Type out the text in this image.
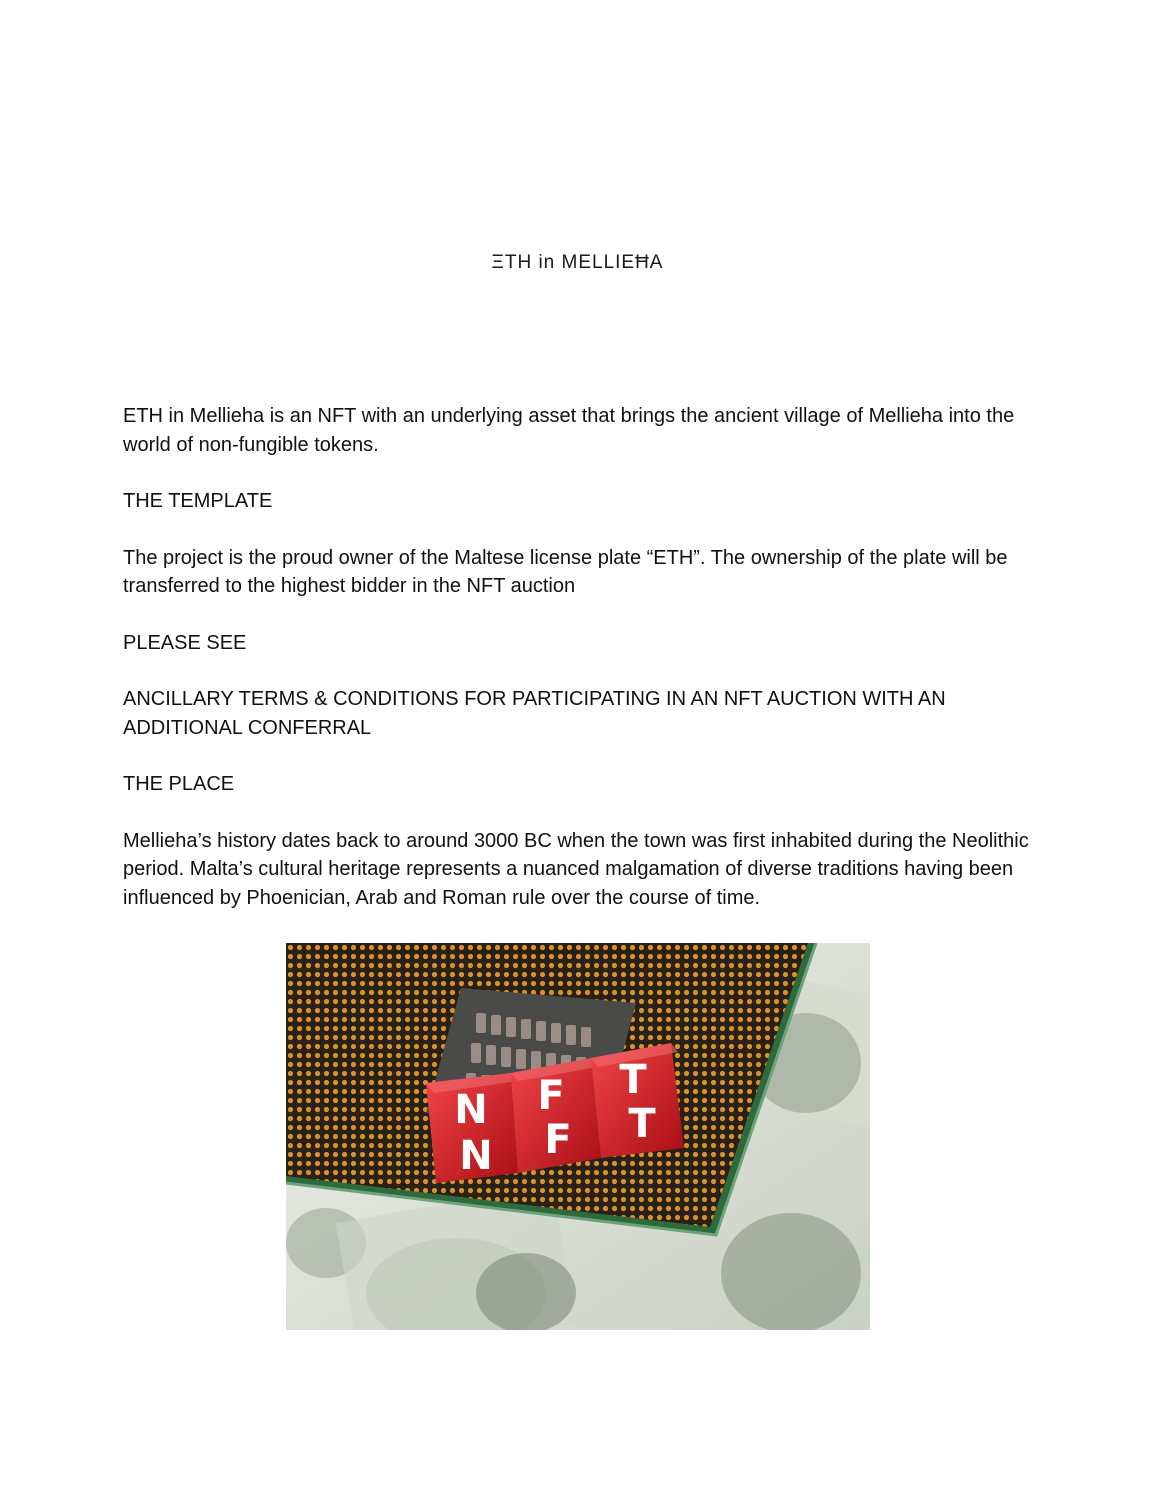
ΞTH in MELLIEĦA

ETH in Mellieha is an NFT with an underlying asset that brings the ancient village of Mellieha into the world of non-fungible tokens.

THE TEMPLATE

The project is the proud owner of the Maltese license plate “ETH”. The ownership of the plate will be transferred to the highest bidder in the NFT auction

PLEASE SEE

ANCILLARY TERMS & CONDITIONS FOR PARTICIPATING IN AN NFT AUCTION WITH AN ADDITIONAL CONFERRAL

THE PLACE

Mellieha’s history dates back to around 3000 BC when the town was first inhabited during the Neolithic period. Malta’s cultural heritage represents a nuanced malgamation of diverse traditions having been influenced by Phoenician, Arab and Roman rule over the course of time.

N
N
F
F
T
T
